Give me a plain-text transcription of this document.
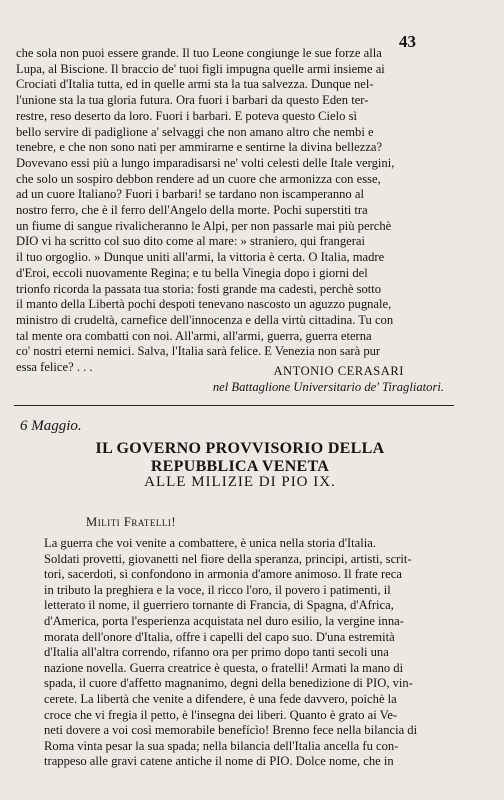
43
che sola non puoi essere grande. Il tuo Leone congiunge le sue forze alla
Lupa, al Biscione. Il braccio de' tuoi figli impugna quelle armi insieme ai
Crociati d'Italia tutta, ed in quelle armi sta la tua salvezza. Dunque nel-
l'unione sta la tua gloria futura. Ora fuori i barbari da questo Eden ter-
restre, reso deserto da loro. Fuori i barbari. E poteva questo Cielo sì
bello servire di padiglione a' selvaggi che non amano altro che nembi e
tenebre, e che non sono nati per ammirarne e sentirne la divina bellezza?
Dovevano essi più a lungo imparadisarsi ne' volti celesti delle Itale vergini,
che solo un sospiro debbon rendere ad un cuore che armonizza con esse,
ad un cuore Italiano? Fuori i barbari! se tardano non iscamperanno al
nostro ferro, che è il ferro dell'Angelo della morte. Pochi superstiti tra
un fiume di sangue rivalicheranno le Alpi, per non passarle mai più perchè
DIO vi ha scritto col suo dito come al mare: » straniero, qui frangerai
il tuo orgoglio. » Dunque uniti all'armi, la vittoria è certa. O Italia, madre
d'Eroi, eccoli nuovamente Regina; e tu bella Vinegia dopo i giorni del
trionfo ricorda la passata tua storia: fosti grande ma cadesti, perchè sotto
il manto della Libertà pochi despoti tenevano nascosto un aguzzo pugnale,
ministro di crudeltà, carnefice dell'innocenza e della virtù cittadina. Tu con
tal mente ora combatti con noi. All'armi, all'armi, guerra, guerra eterna
co' nostri eterni nemici. Salva, l'Italia sarà felice. E Venezia non sarà pur
essa felice? . . .	ANTONIO CERASARI
nel Battaglione Universitario de' Tiragliatori.
6 Maggio.
IL GOVERNO PROVVISORIO DELLA REPUBBLICA VENETA
ALLE MILIZIE DI PIO IX.
Militi Fratelli!
La guerra che voi venite a combattere, è unica nella storia d'Italia.
Soldati provetti, giovanetti nel fiore della speranza, principi, artisti, scrit-
tori, sacerdoti, si confondono in armonia d'amore animoso. Il frate reca
in tributo la preghiera e la voce, il ricco l'oro, il povero i patimenti, il
letterato il nome, il guerriero tornante di Francia, di Spagna, d'Africa,
d'America, porta l'esperienza acquistata nel duro esilio, la vergine inna-
morata dell'onore d'Italia, offre i capelli del capo suo. D'una estremità
d'Italia all'altra correndo, rifanno ora per primo dopo tanti secoli una
nazione novella. Guerra creatrice è questa, o fratelli! Armati la mano di
spada, il cuore d'affetto magnanimo, degni della benedizione di PIO, vin-
cerete. La libertà che venite a difendere, è una fede davvero, poichè la
croce che vi fregia il petto, è l'insegna dei liberi. Quanto è grato ai Ve-
neti dovere a voi così memorabile benefícìo! Brenno fece nella bilancia di
Roma vinta pesar la sua spada; nella bilancia dell'Italia ancella fu con-
trappeso alle gravi catene antiche il nome di PIO. Dolce nome, che in
